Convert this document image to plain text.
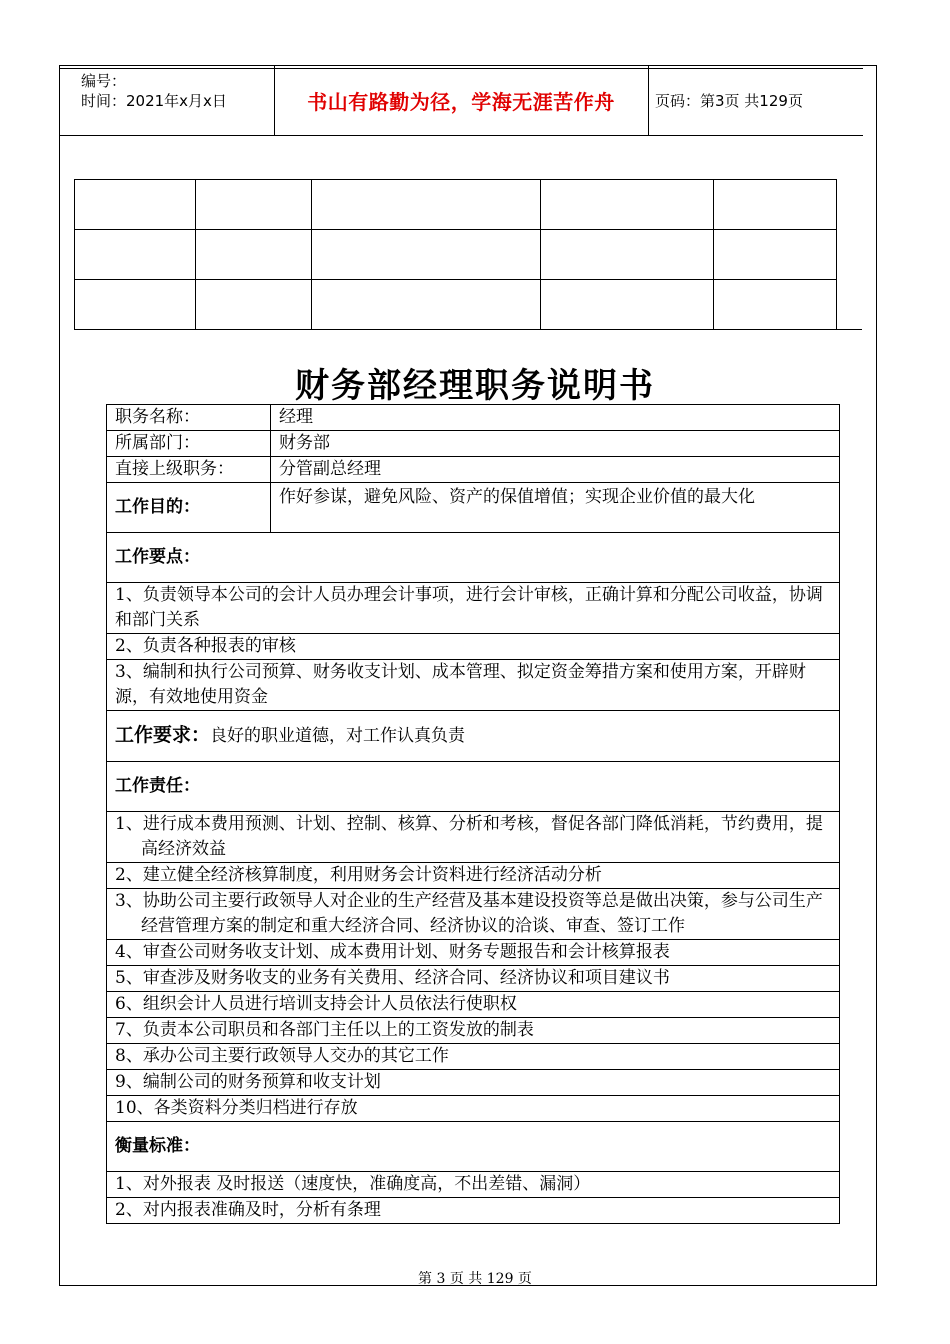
编号：
时间：2021年x月x日	书山有路勤为径，学海无涯苦作舟	页码：第3页 共129页

财务部经理职务说明书
职务名称：	经理
所属部门：	财务部
直接上级职务：	分管副总经理
工作目的：	作好参谋，避免风险、资产的保值增值；实现企业价值的最大化
工作要点：	
1、负责领导本公司的会计人员办理会计事项，进行会计审核，正确计算和分配公司收益，协调和部门关系	
2、负责各种报表的审核	
3、编制和执行公司预算、财务收支计划、成本管理、拟定资金筹措方案和使用方案，开辟财源，有效地使用资金	
工作要求：良好的职业道德，对工作认真负责	
工作责任：	
1、进行成本费用预测、计划、控制、核算、分析和考核，督促各部门降低消耗，节约费用，提高经济效益	
2、建立健全经济核算制度，利用财务会计资料进行经济活动分析	
3、协助公司主要行政领导人对企业的生产经营及基本建设投资等总是做出决策，参与公司生产经营管理方案的制定和重大经济合同、经济协议的洽谈、审查、签订工作	
4、审查公司财务收支计划、成本费用计划、财务专题报告和会计核算报表	
5、审查涉及财务收支的业务有关费用、经济合同、经济协议和项目建议书	
6、组织会计人员进行培训支持会计人员依法行使职权	
7、负责本公司职员和各部门主任以上的工资发放的制表	
8、承办公司主要行政领导人交办的其它工作	
9、编制公司的财务预算和收支计划	
10、各类资料分类归档进行存放	
衡量标准：	
1、对外报表 及时报送（速度快，准确度高，不出差错、漏洞）	
2、对内报表准确及时，分析有条理	
第 3 页 共 129 页
